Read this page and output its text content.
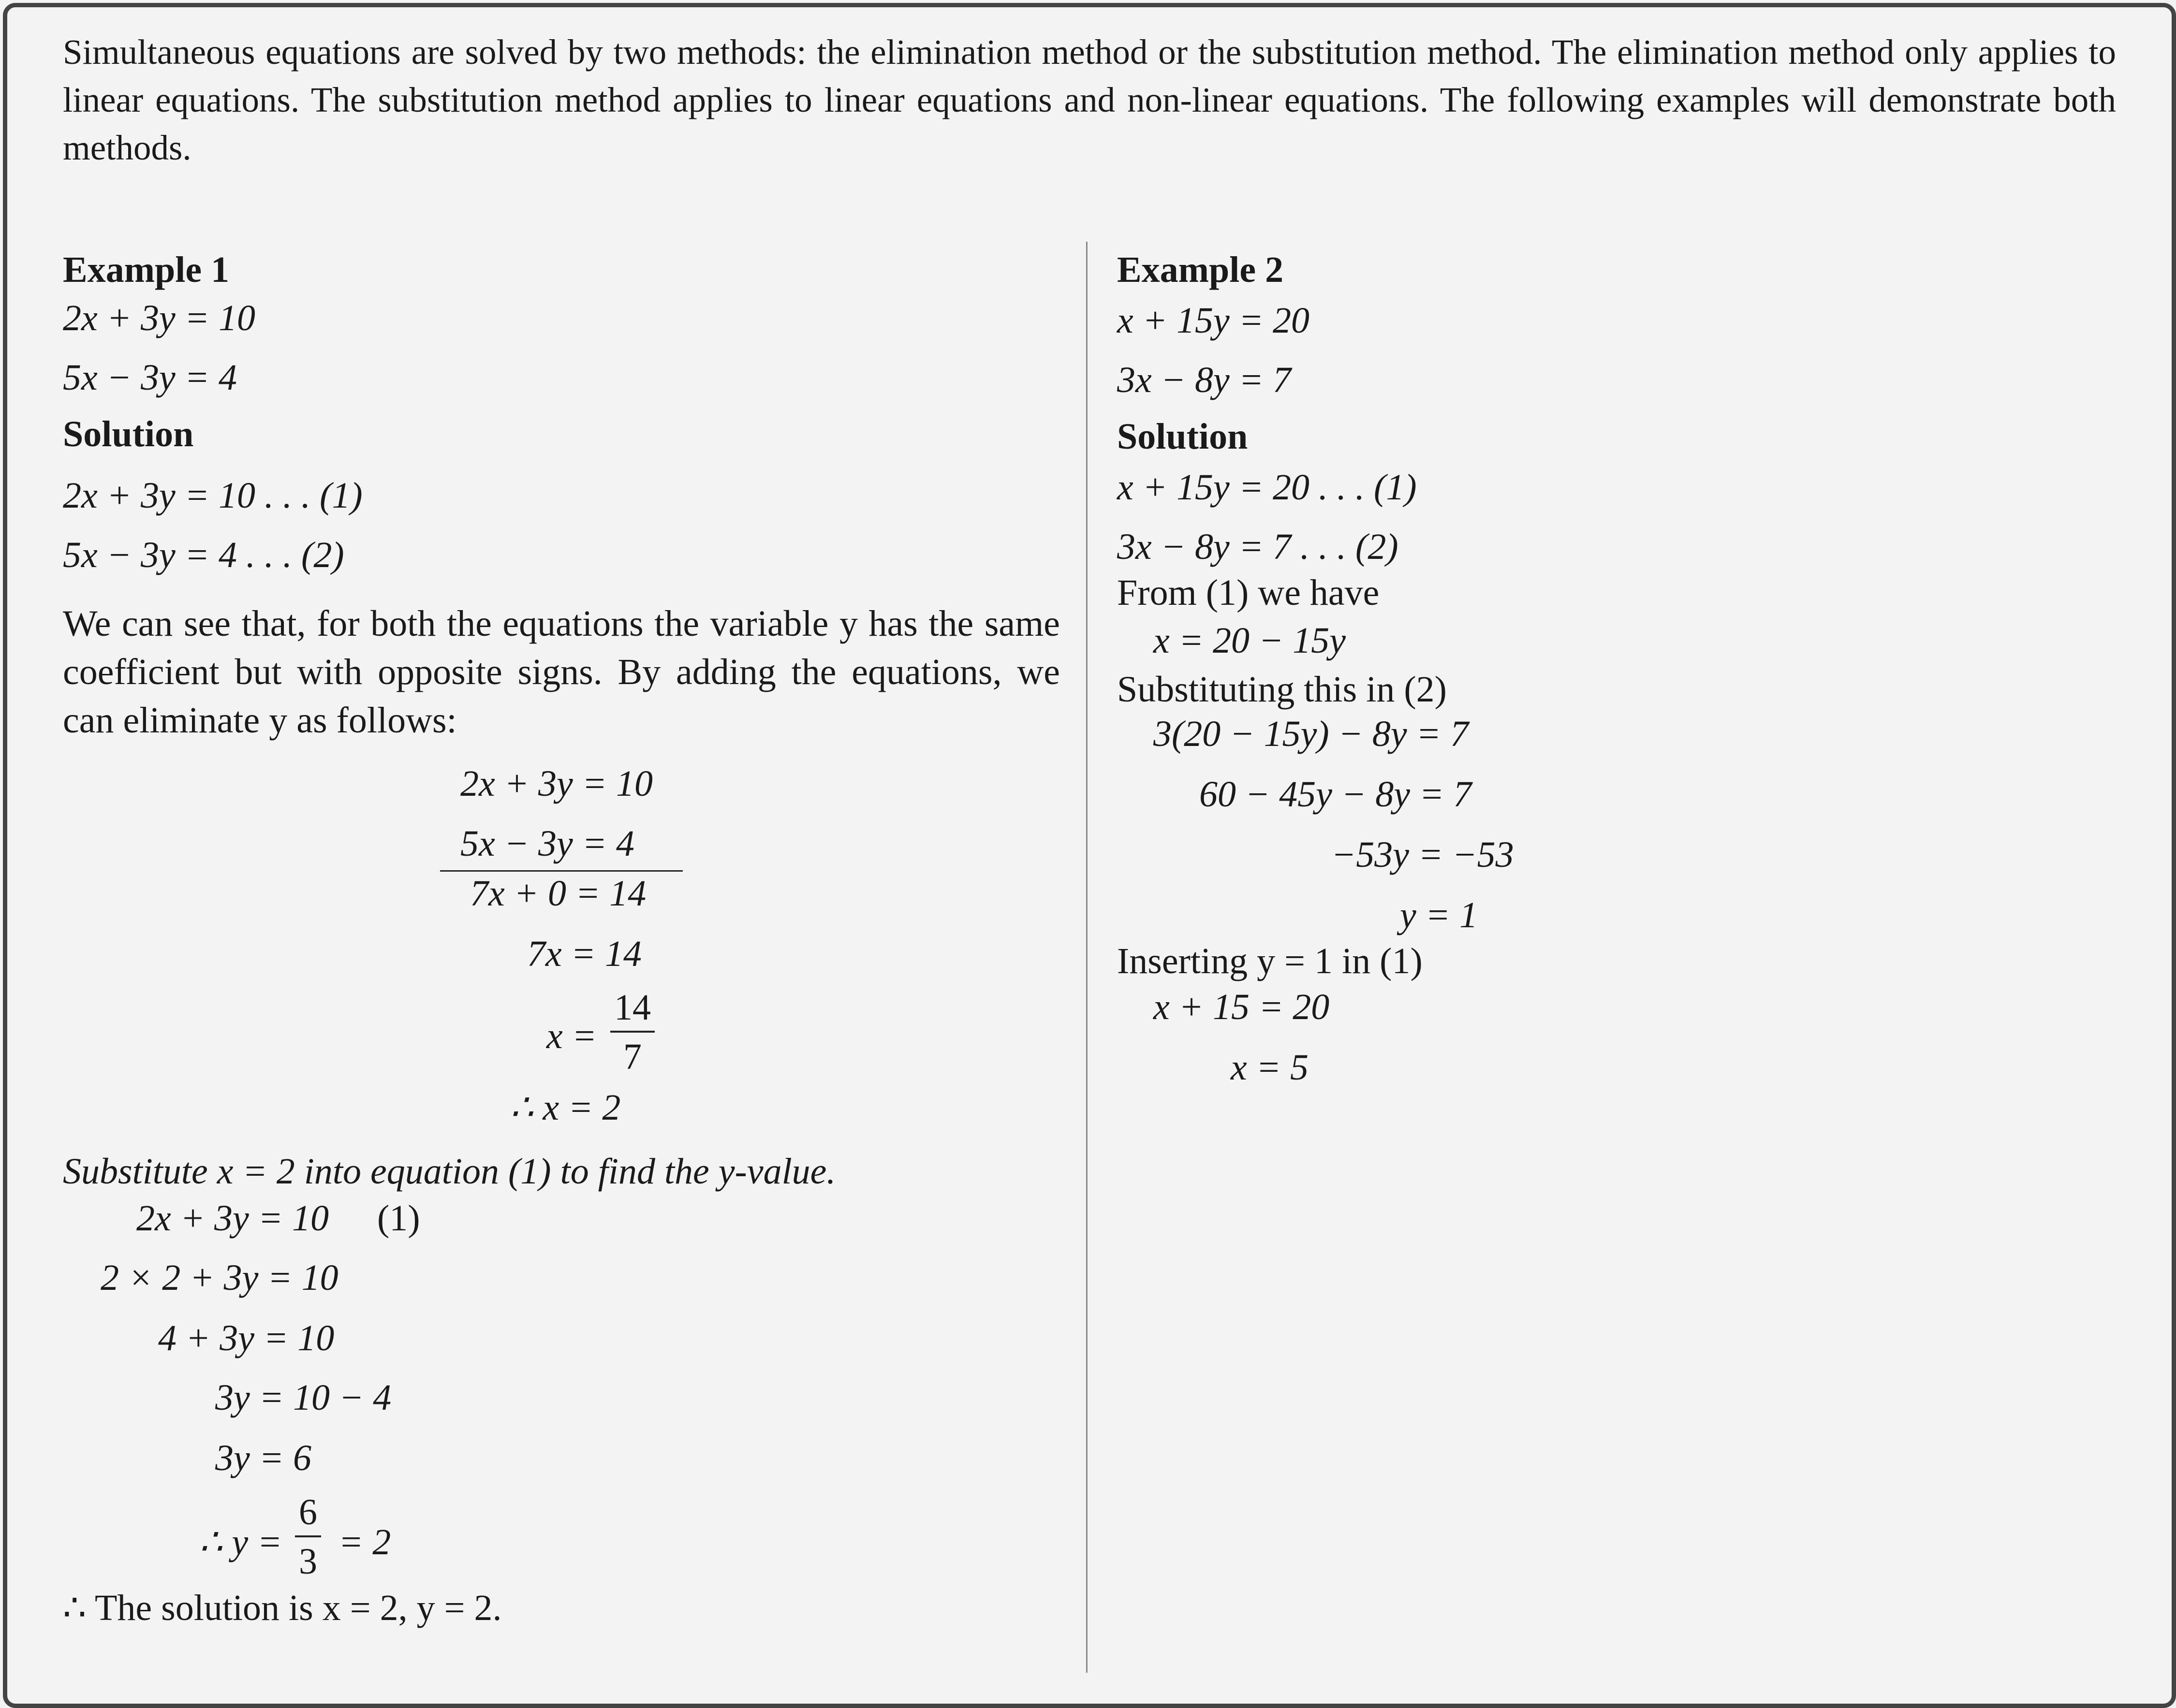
Simultaneous equations are solved by two methods: the elimination method or the substitution method. The elimination method only applies to linear equations. The substitution method applies to linear equations and non-linear equations. The following examples will demonstrate both methods.
Example 1
2x + 3y = 10
5x − 3y = 4
Solution
2x + 3y = 10 . . . (1)
5x − 3y = 4 . . . (2)
We can see that, for both the equations the variable y has the same coefficient but with opposite signs. By adding the equations, we can eliminate y as follows:
2x + 3y = 10
5x − 3y = 4
7x + 0 = 14
7x = 14
x =
14
7
∴ x = 2
Substitute x = 2 into equation (1) to find the y-value.
2x + 3y = 10 (1)
2 × 2 + 3y = 10
4 + 3y = 10
3y = 10 − 4
3y = 6
∴ y =
6
3 = 2
∴ The solution is x = 2, y = 2.
Example 2
x + 15y = 20
3x − 8y = 7
Solution
x + 15y = 20 . . . (1)
3x − 8y = 7 . . . (2)
From (1) we have
x = 20 − 15y
Substituting this in (2)
3(20 − 15y) − 8y = 7
60 − 45y − 8y = 7
−53y = −53
y = 1
Inserting y = 1 in (1)
x + 15 = 20
x = 5
